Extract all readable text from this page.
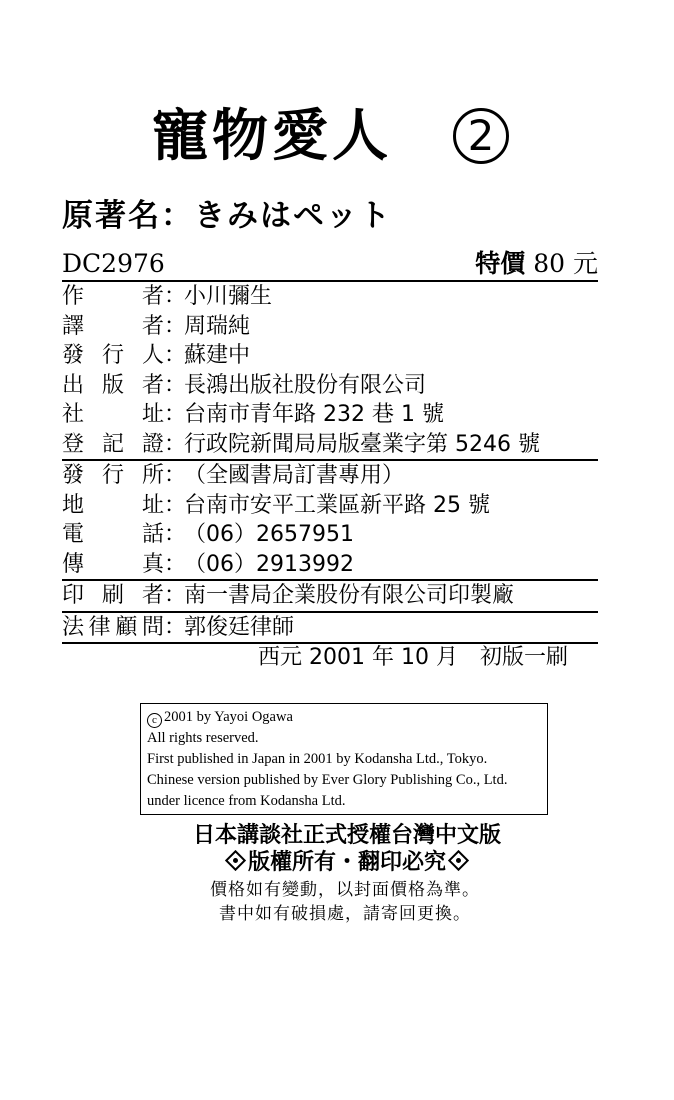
寵物愛人	2
原著名：きみはペット
DC2976	特價 80 元
作者：小川彌生
譯者：周瑞純
發行人：蘇建中
出版者：長鴻出版社股份有限公司
社址：台南市青年路 232 巷 1 號
登記證：行政院新聞局局版臺業字第 5246 號
發行所：（全國書局訂書專用）
地址：台南市安平工業區新平路 25 號
電話：（06）2657951
傳真：（06）2913992
印刷者：南一書局企業股份有限公司印製廠
法律顧問：郭俊廷律師
西元 2001 年 10 月　初版一刷
c 2001 by Yayoi Ogawa
All rights reserved.
First published in Japan in 2001 by Kodansha Ltd., Tokyo.
Chinese version published by Ever Glory Publishing Co., Ltd.
under licence from Kodansha Ltd.
日本講談社正式授權台灣中文版
版權所有・翻印必究
價格如有變動，以封面價格為準。
書中如有破損處，請寄回更換。
